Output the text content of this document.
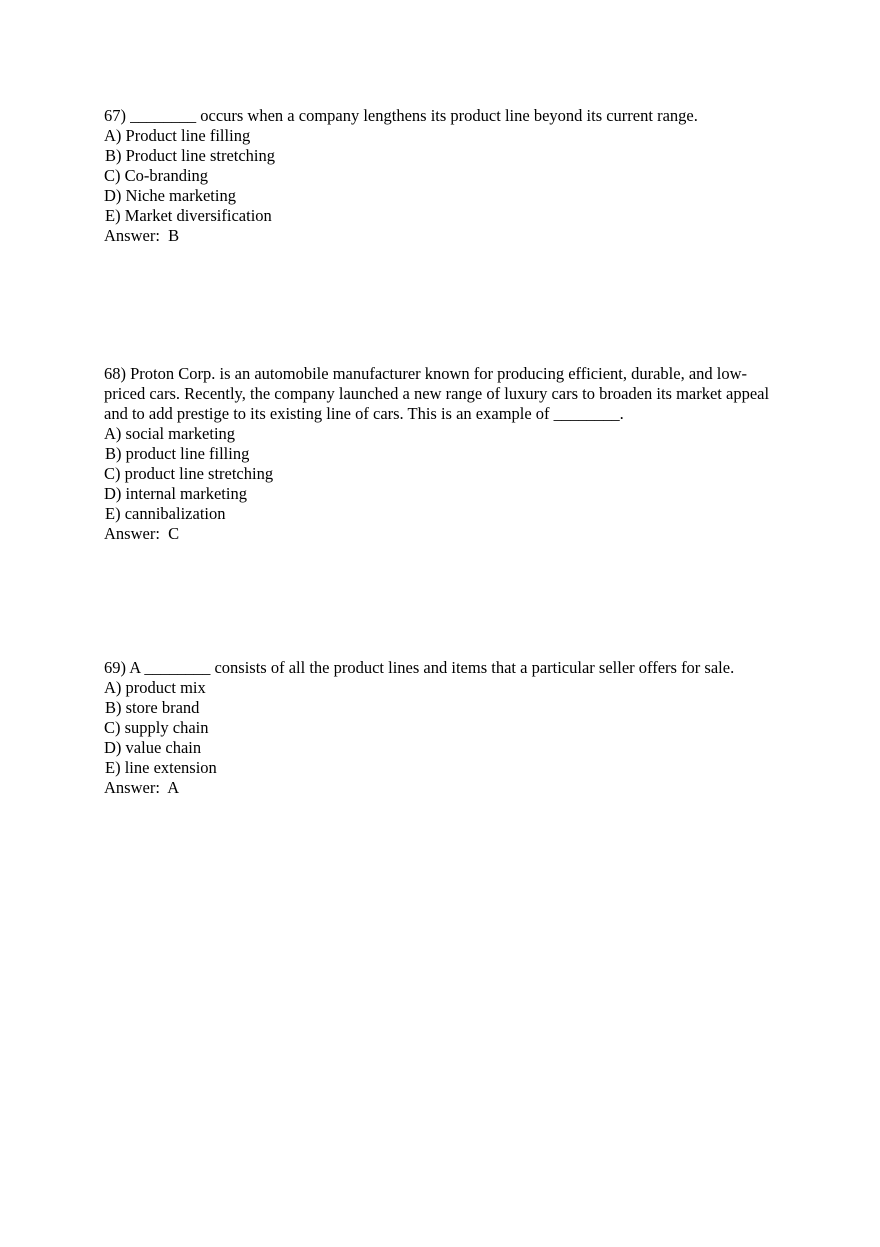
67) ________ occurs when a company lengthens its product line beyond its current range.

A) Product line filling
B) Product line stretching
C) Co-branding
D) Niche marketing
E) Market diversification

Answer:  B

68) Proton Corp. is an automobile manufacturer known for producing efficient, durable, and low-priced cars. Recently, the company launched a new range of luxury cars to broaden its market appeal and to add prestige to its existing line of cars. This is an example of ________.

A) social marketing
B) product line filling
C) product line stretching
D) internal marketing
E) cannibalization

Answer:  C

69) A ________ consists of all the product lines and items that a particular seller offers for sale.

A) product mix
B) store brand
C) supply chain
D) value chain
E) line extension

Answer:  A
